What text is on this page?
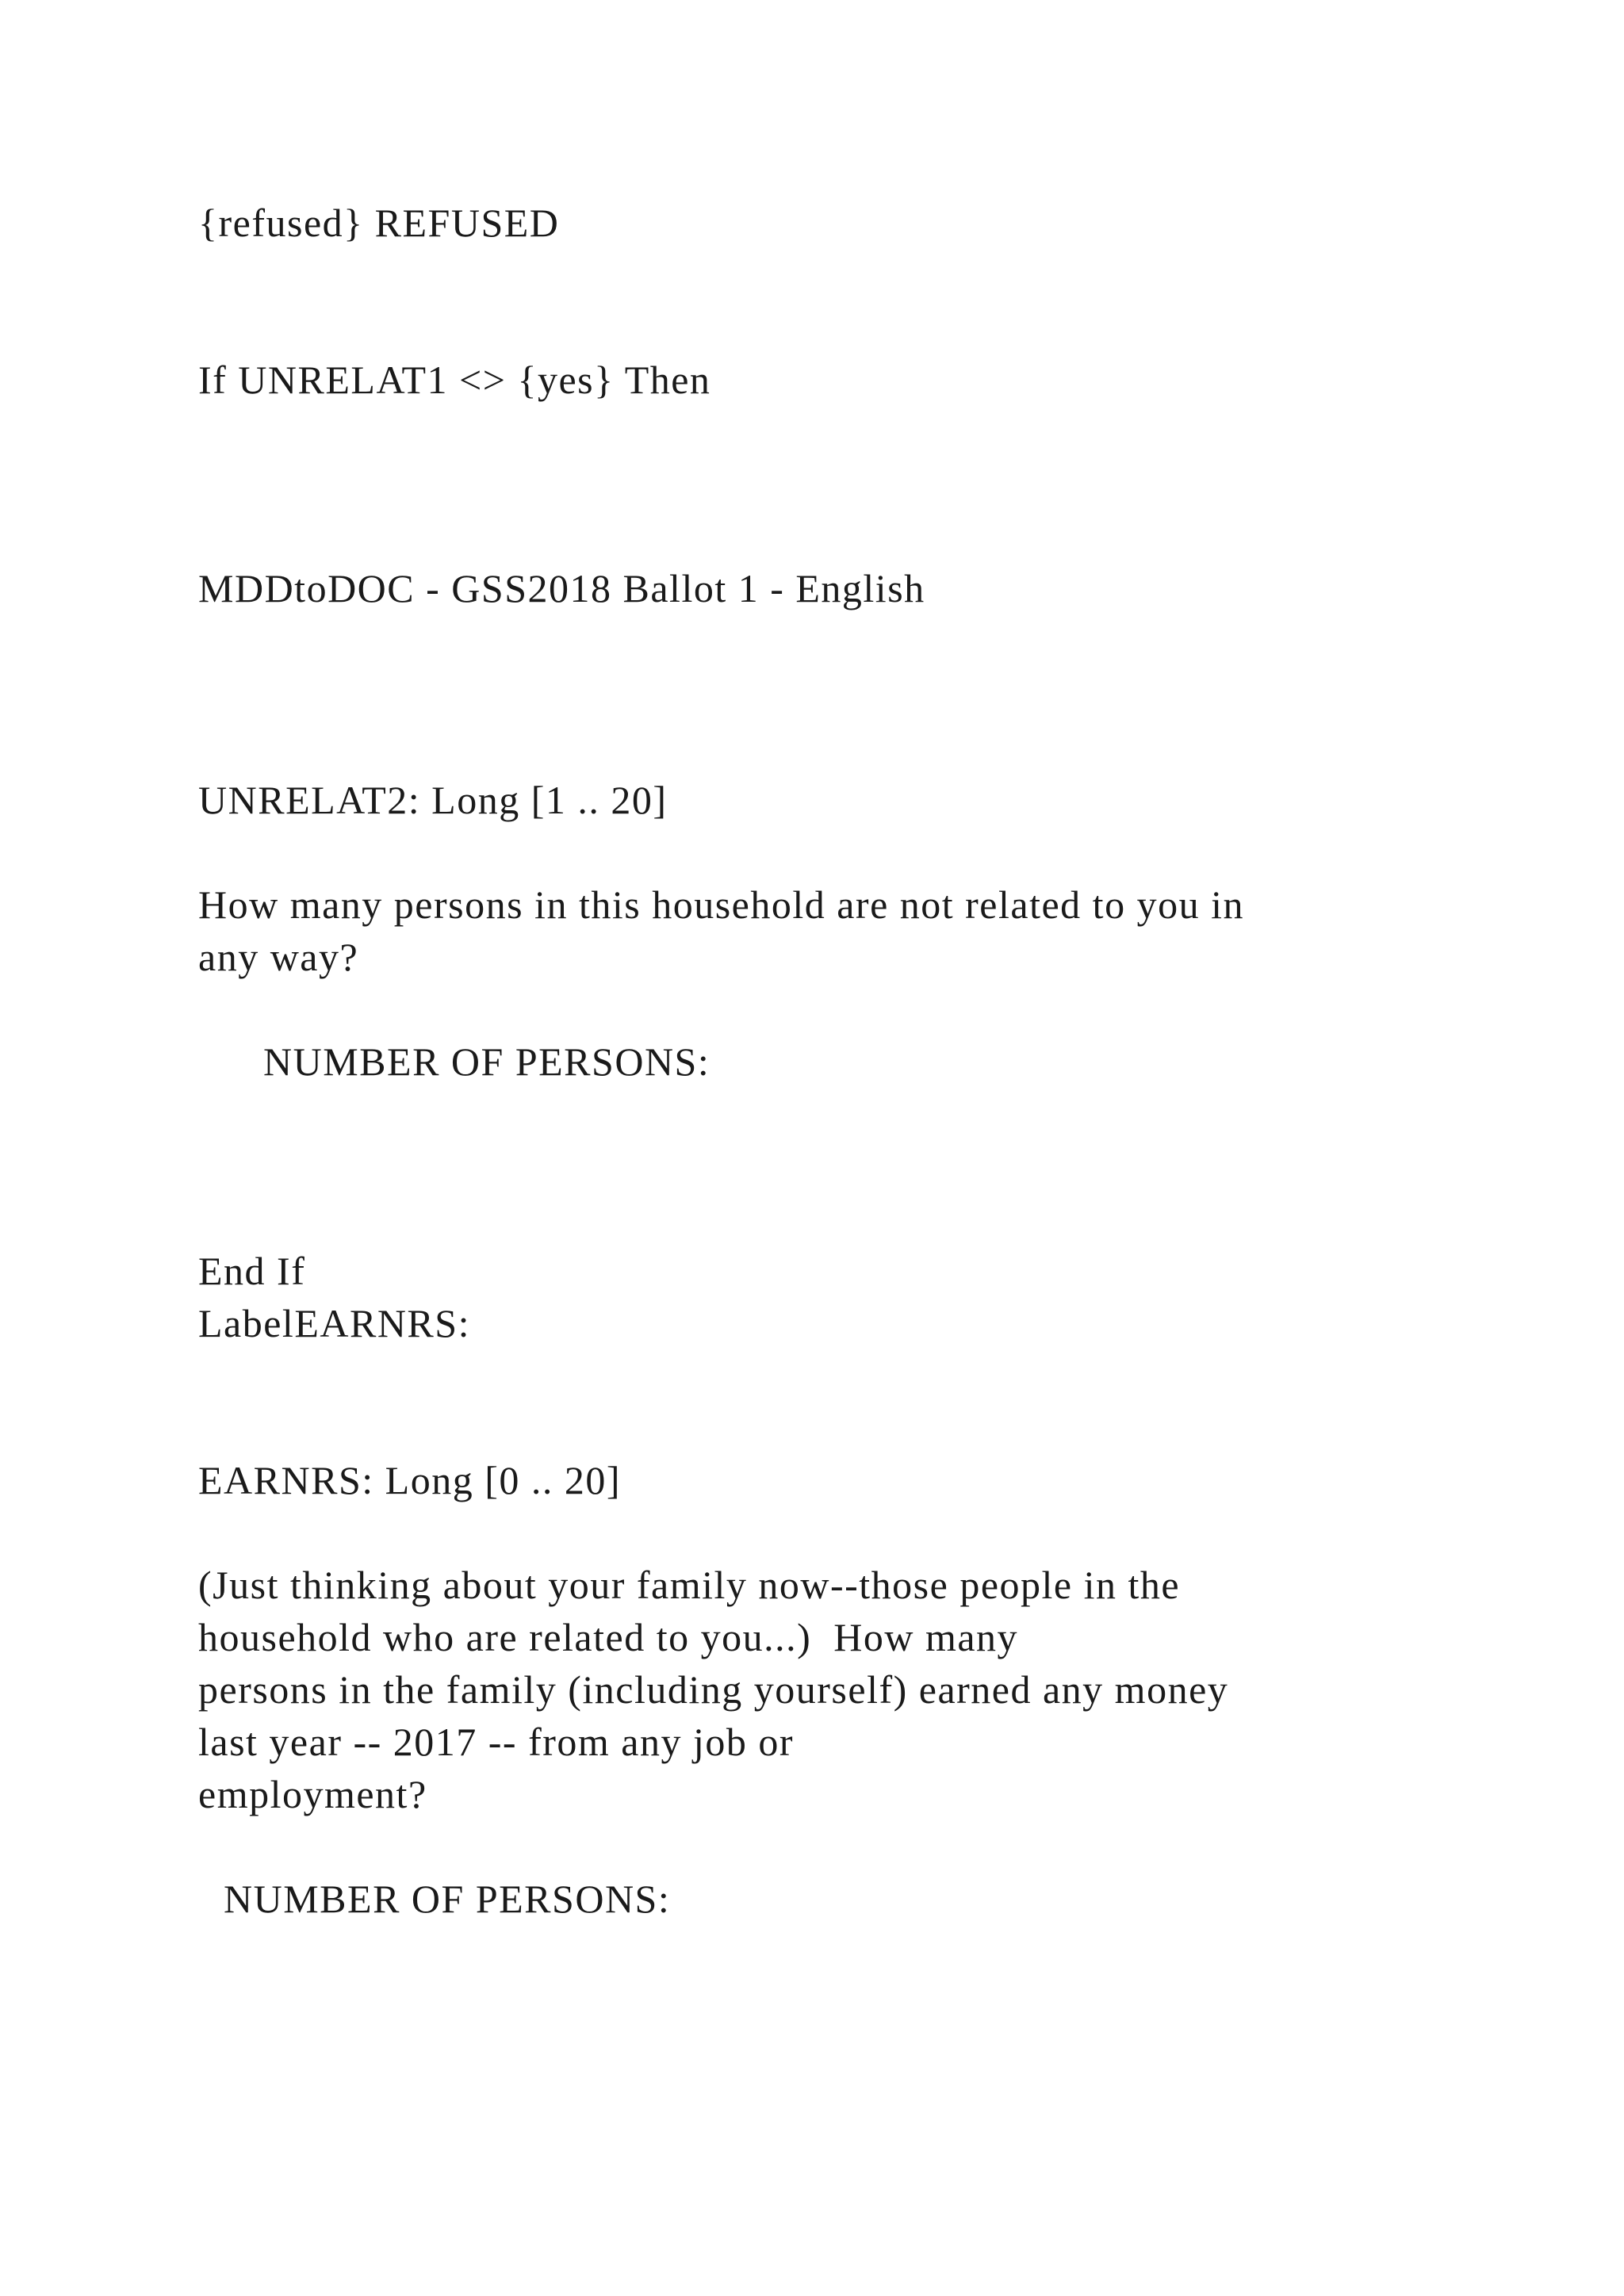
{refused} REFUSED
If UNRELAT1 <> {yes} Then
MDDtoDOC - GSS2018 Ballot 1 - English
UNRELAT2: Long [1 .. 20]
How many persons in this household are not related to you in
any way?
NUMBER OF PERSONS:
End If
LabelEARNRS:
EARNRS: Long [0 .. 20]
(Just thinking about your family now--those people in the
household who are related to you...)  How many
persons in the family (including yourself) earned any money
last year -- 2017 -- from any job or
employment?
NUMBER OF PERSONS:
